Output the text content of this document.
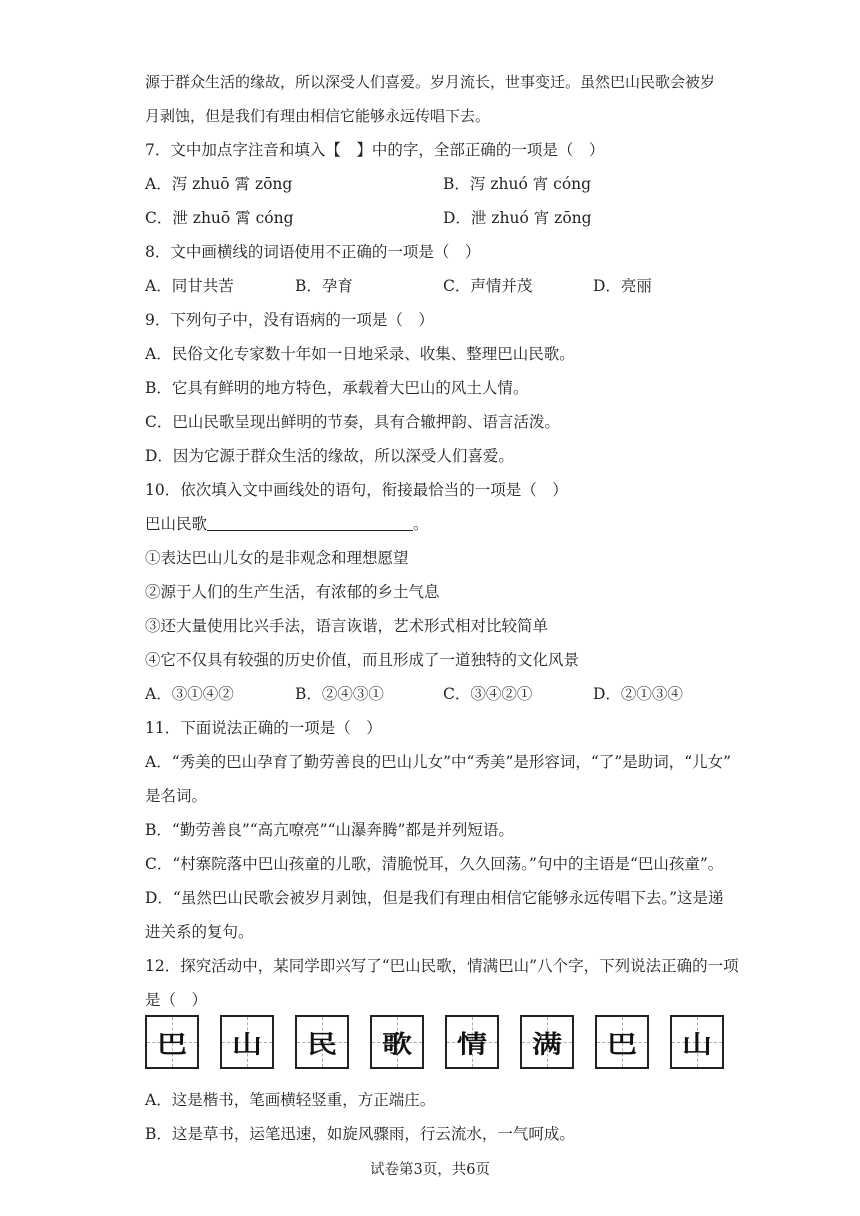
源于群众生活的缘故，所以深受人们喜爱。岁月流长，世事变迁。虽然巴山民歌会被岁
月剥蚀，但是我们有理由相信它能够永远传唱下去。
7．文中加点字注音和填入【　】中的字，全部正确的一项是（　）
A．泻 zhuō 霄 zōng	B．泻 zhuó 宵 cóng
C．泄 zhuō 霄 cóng	D．泄 zhuó 宵 zōng
8．文中画横线的词语使用不正确的一项是（　）
A．同甘共苦	B．孕育	C．声情并茂	D．亮丽
9．下列句子中，没有语病的一项是（　）
A．民俗文化专家数十年如一日地采录、收集、整理巴山民歌。
B．它具有鲜明的地方特色，承载着大巴山的风土人情。
C．巴山民歌呈现出鲜明的节奏，具有合辙押韵、语言活泼。
D．因为它源于群众生活的缘故，所以深受人们喜爱。
10．依次填入文中画线处的语句，衔接最恰当的一项是（　）
巴山民歌	。
①表达巴山儿女的是非观念和理想愿望
②源于人们的生产生活，有浓郁的乡土气息
③还大量使用比兴手法，语言诙谐，艺术形式相对比较简单
④它不仅具有较强的历史价值，而且形成了一道独特的文化风景
A．③①④②	B．②④③①	C．③④②①	D．②①③④
11．下面说法正确的一项是（　）
A．“秀美的巴山孕育了勤劳善良的巴山儿女”中“秀美”是形容词，“了”是助词，“儿女”
是名词。
B．“勤劳善良”“高亢嘹亮”“山瀑奔腾”都是并列短语。
C．“村寨院落中巴山孩童的儿歌，清脆悦耳，久久回荡。”句中的主语是“巴山孩童”。
D．“虽然巴山民歌会被岁月剥蚀，但是我们有理由相信它能够永远传唱下去。”这是递
进关系的复句。
12．探究活动中，某同学即兴写了“巴山民歌，情满巴山”八个字，下列说法正确的一项
是（　）
巴	山	民	歌	情	满	巴	山
A．这是楷书，笔画横轻竖重，方正端庄。
B．这是草书，运笔迅速，如旋风骤雨，行云流水，一气呵成。
试卷第3页，共6页
